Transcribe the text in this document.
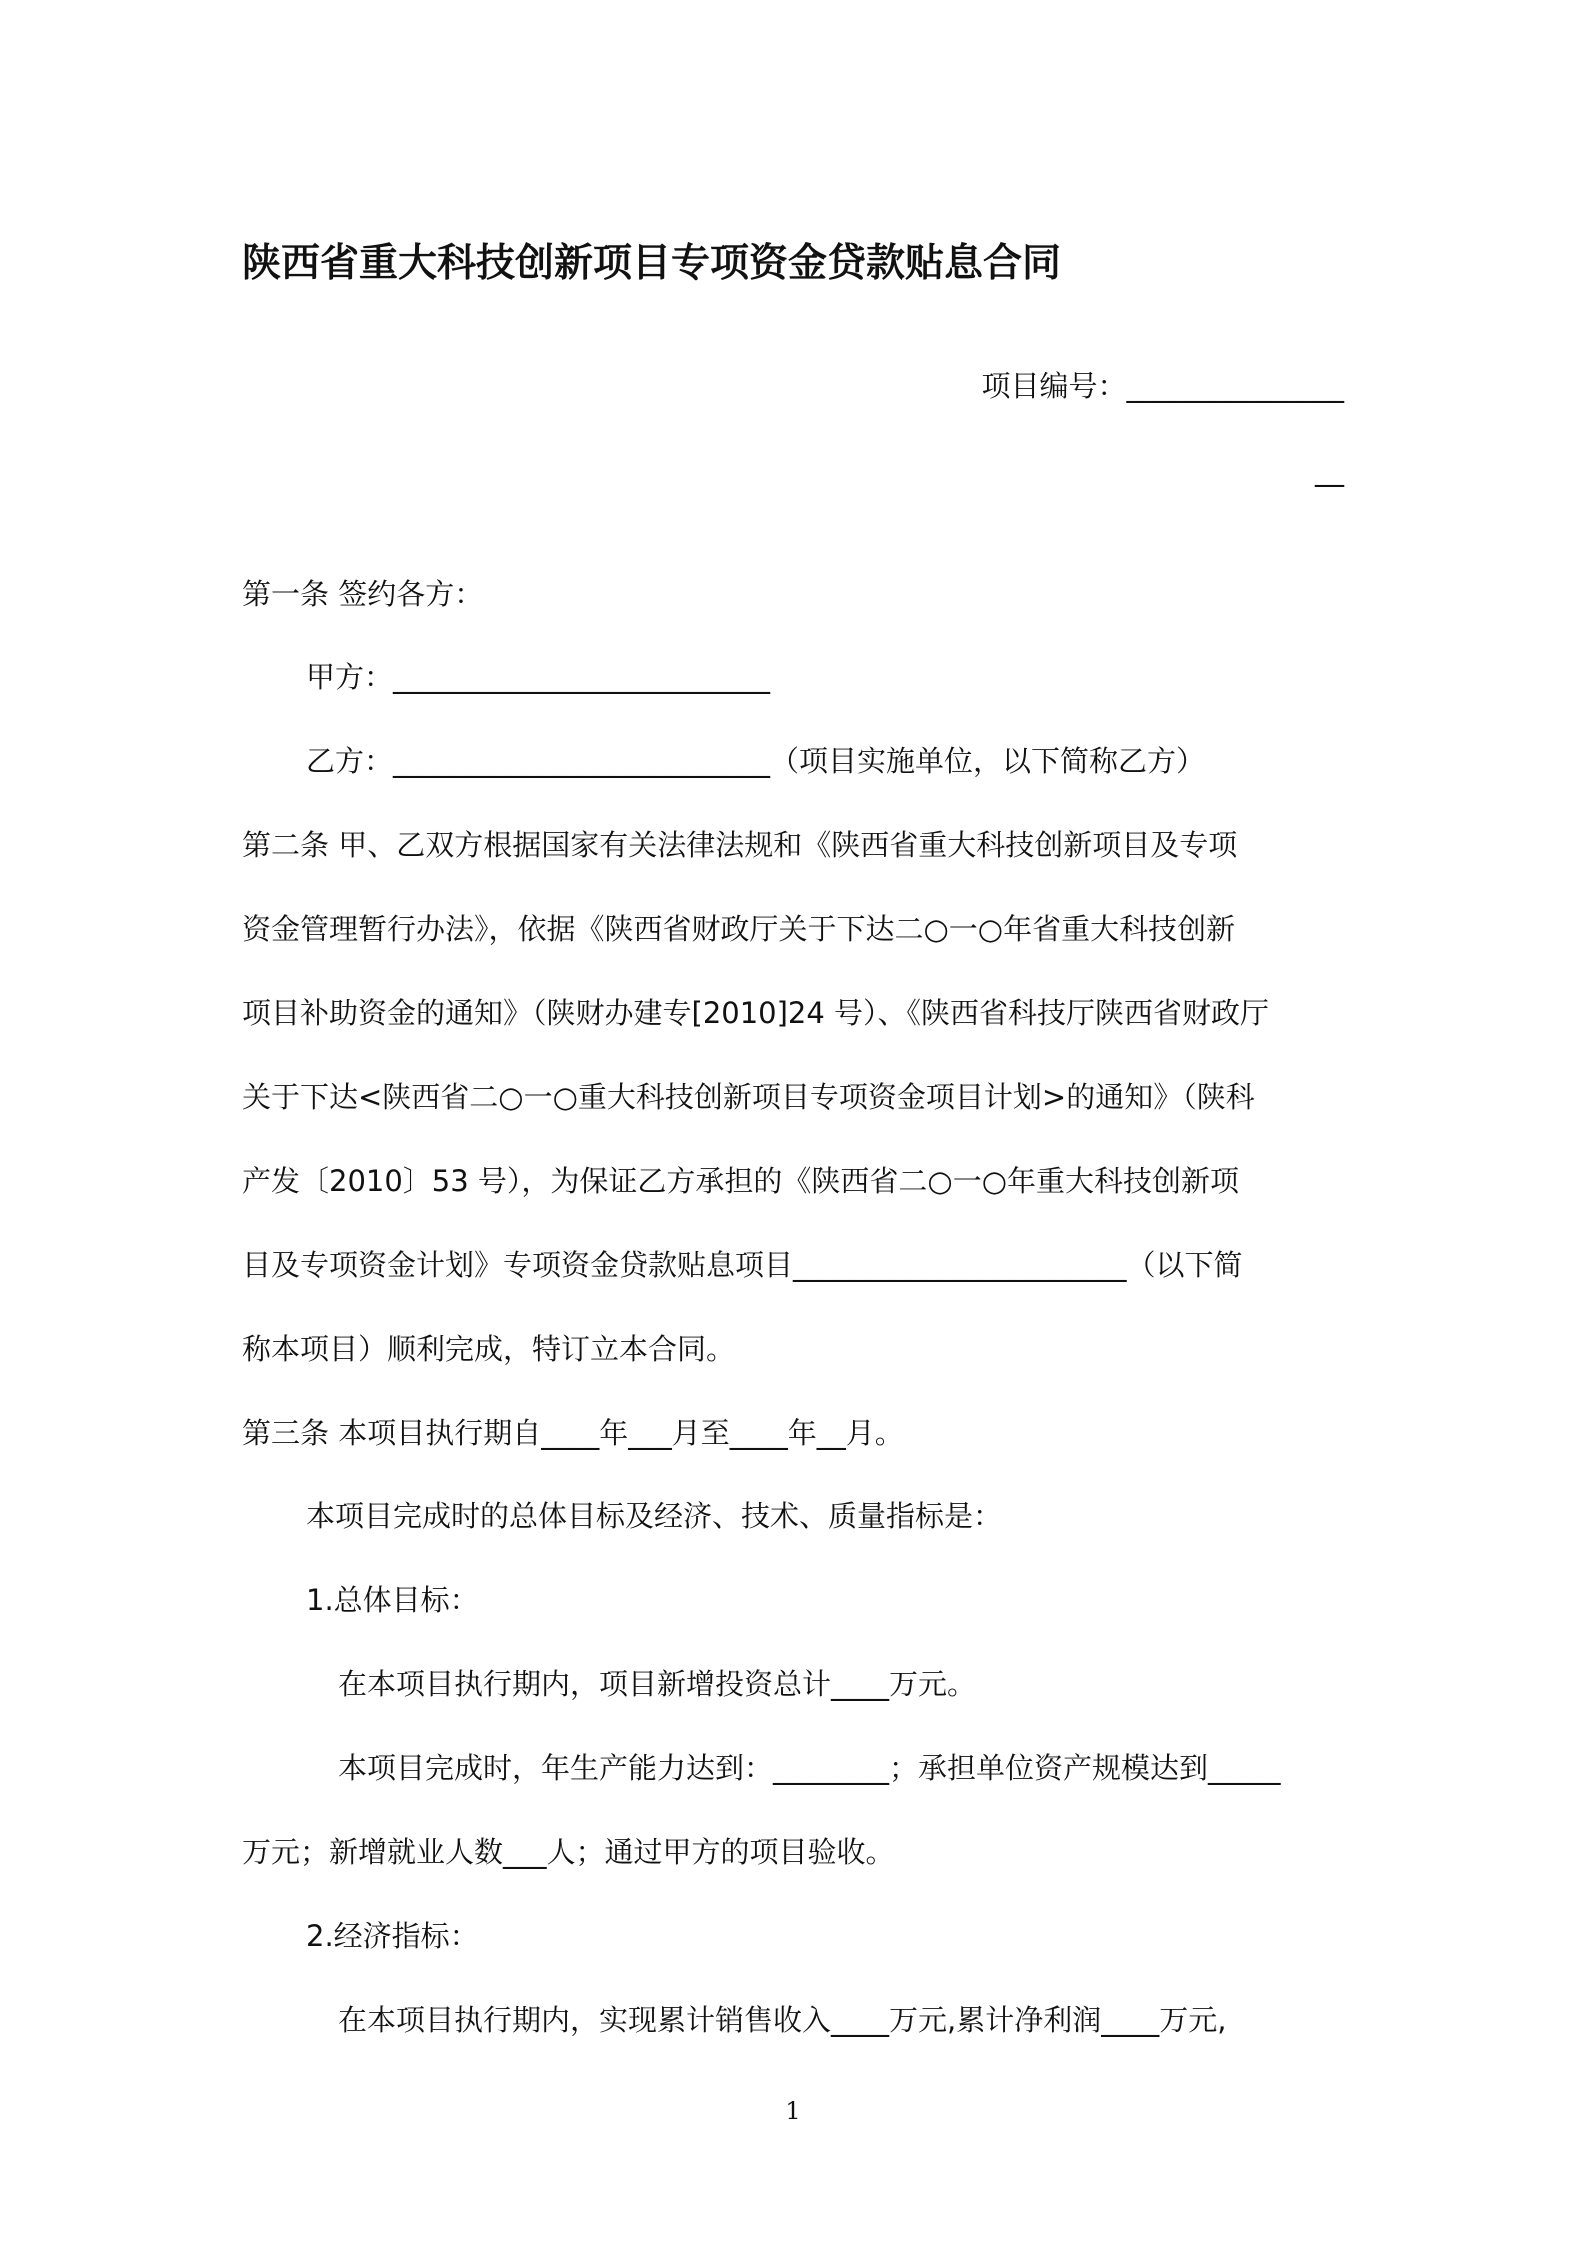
陕西省重大科技创新项目专项资金贷款贴息合同
项目编号：_______________
__
第一条 签约各方：
甲方：__________________________
乙方：__________________________（项目实施单位，以下简称乙方）
第二条 甲、乙双方根据国家有关法律法规和《陕西省重大科技创新项目及专项
资金管理暂行办法》，依据《陕西省财政厅关于下达二○一○年省重大科技创新
项目补助资金的通知》（陕财办建专[2010]24 号）、《陕西省科技厅陕西省财政厅
关于下达<陕西省二○一○重大科技创新项目专项资金项目计划>的通知》（陕科
产发〔2010〕53 号），为保证乙方承担的《陕西省二○一○年重大科技创新项
目及专项资金计划》专项资金贷款贴息项目_______________________（以下简
称本项目）顺利完成，特订立本合同。
第三条 本项目执行期自____年___月至____年__月。
本项目完成时的总体目标及经济、技术、质量指标是：
1.总体目标：
在本项目执行期内，项目新增投资总计____万元。
本项目完成时，年生产能力达到：________；承担单位资产规模达到_____
万元；新增就业人数___人；通过甲方的项目验收。
2.经济指标：
在本项目执行期内，实现累计销售收入____万元,累计净利润____万元,
1
